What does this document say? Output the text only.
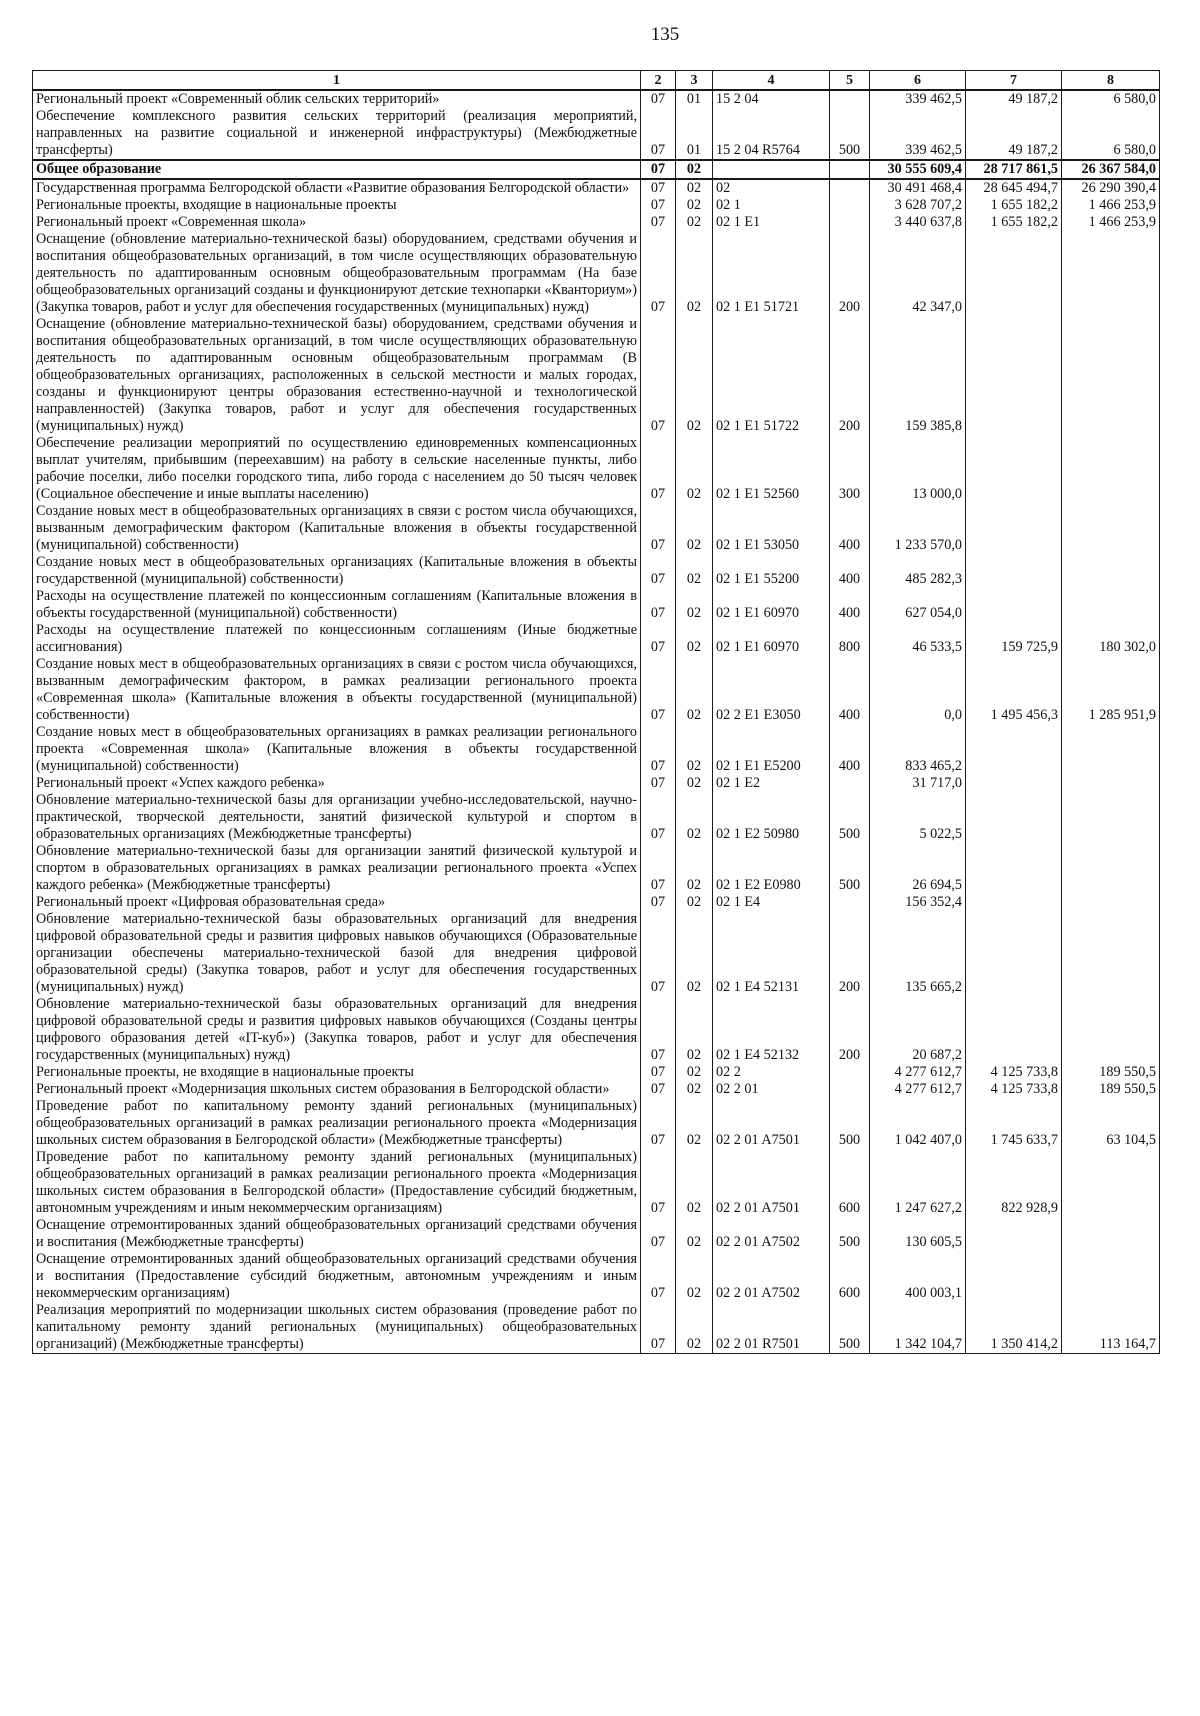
135
1	2	3	4	5	6	7	8
Региональный проект «Современный облик сельских территорий»	07	01	15 2 04		339 462,5	49 187,2	6 580,0
Обеспечение комплексного развития сельских территорий (реализация мероприятий, направленных на развитие социальной и инженерной инфраструктуры) (Межбюджетные трансферты)	07	01	15 2 04 R5764	500	339 462,5	49 187,2	6 580,0
Общее образование	07	02			30 555 609,4	28 717 861,5	26 367 584,0
Государственная программа Белгородской области «Развитие образования Белгородской области»	07	02	02		30 491 468,4	28 645 494,7	26 290 390,4
Региональные проекты, входящие в национальные проекты	07	02	02 1		3 628 707,2	1 655 182,2	1 466 253,9
Региональный проект «Современная школа»	07	02	02 1 E1		3 440 637,8	1 655 182,2	1 466 253,9
Оснащение (обновление материально-технической базы) оборудованием, средствами обучения и воспитания общеобразовательных организаций, в том числе осуществляющих образовательную деятельность по адаптированным основным общеобразовательным программам (На базе общеобразовательных организаций созданы и функционируют детские технопарки «Кванториум») (Закупка товаров, работ и услуг для обеспечения государственных (муниципальных) нужд)	07	02	02 1 E1 51721	200	42 347,0		
Оснащение (обновление материально-технической базы) оборудованием, средствами обучения и воспитания общеобразовательных организаций, в том числе осуществляющих образовательную деятельность по адаптированным основным общеобразовательным программам (В общеобразовательных организациях, расположенных в сельской местности и малых городах, созданы и функционируют центры образования естественно-научной и технологической направленностей) (Закупка товаров, работ и услуг для обеспечения государственных (муниципальных) нужд)	07	02	02 1 E1 51722	200	159 385,8		
Обеспечение реализации мероприятий по осуществлению единовременных компенсационных выплат учителям, прибывшим (переехавшим) на работу в сельские населенные пункты, либо рабочие поселки, либо поселки городского типа, либо города с населением до 50 тысяч человек (Социальное обеспечение и иные выплаты населению)	07	02	02 1 E1 52560	300	13 000,0		
Создание новых мест в общеобразовательных организациях в связи с ростом числа обучающихся, вызванным демографическим фактором (Капитальные вложения в объекты государственной (муниципальной) собственности)	07	02	02 1 E1 53050	400	1 233 570,0		
Создание новых мест в общеобразовательных организациях (Капитальные вложения в объекты государственной (муниципальной) собственности)	07	02	02 1 E1 55200	400	485 282,3		
Расходы на осуществление платежей по концессионным соглашениям (Капитальные вложения в объекты государственной (муниципальной) собственности)	07	02	02 1 E1 60970	400	627 054,0		
Расходы на осуществление платежей по концессионным соглашениям (Иные бюджетные ассигнования)	07	02	02 1 E1 60970	800	46 533,5	159 725,9	180 302,0
Создание новых мест в общеобразовательных организациях в связи с ростом числа обучающихся, вызванным демографическим фактором, в рамках реализации регионального проекта «Современная школа» (Капитальные вложения в объекты государственной (муниципальной) собственности)	07	02	02 2 E1 E3050	400	0,0	1 495 456,3	1 285 951,9
Создание новых мест в общеобразовательных организациях в рамках реализации регионального проекта «Современная школа» (Капитальные вложения в объекты государственной (муниципальной) собственности)	07	02	02 1 E1 E5200	400	833 465,2		
Региональный проект «Успех каждого ребенка»	07	02	02 1 E2		31 717,0		
Обновление материально-технической базы для организации учебно-исследовательской, научно-практической, творческой деятельности, занятий физической культурой и спортом в образовательных организациях (Межбюджетные трансферты)	07	02	02 1 E2 50980	500	5 022,5		
Обновление материально-технической базы для организации занятий физической культурой и спортом в образовательных организациях в рамках реализации регионального проекта «Успех каждого ребенка» (Межбюджетные трансферты)	07	02	02 1 E2 E0980	500	26 694,5		
Региональный проект «Цифровая образовательная среда»	07	02	02 1 E4		156 352,4		
Обновление материально-технической базы образовательных организаций для внедрения цифровой образовательной среды и развития цифровых навыков обучающихся (Образовательные организации обеспечены материально-технической базой для внедрения цифровой образовательной среды) (Закупка товаров, работ и услуг для обеспечения государственных (муниципальных) нужд)	07	02	02 1 E4 52131	200	135 665,2		
Обновление материально-технической базы образовательных организаций для внедрения цифровой образовательной среды и развития цифровых навыков обучающихся (Созданы центры цифрового образования детей «IT-куб») (Закупка товаров, работ и услуг для обеспечения государственных (муниципальных) нужд)	07	02	02 1 E4 52132	200	20 687,2		
Региональные проекты, не входящие в национальные проекты	07	02	02 2		4 277 612,7	4 125 733,8	189 550,5
Региональный проект «Модернизация школьных систем образования в Белгородской области»	07	02	02 2 01		4 277 612,7	4 125 733,8	189 550,5
Проведение работ по капитальному ремонту зданий региональных (муниципальных) общеобразовательных организаций в рамках реализации регионального проекта «Модернизация школьных систем образования в Белгородской области» (Межбюджетные трансферты)	07	02	02 2 01 A7501	500	1 042 407,0	1 745 633,7	63 104,5
Проведение работ по капитальному ремонту зданий региональных (муниципальных) общеобразовательных организаций в рамках реализации регионального проекта «Модернизация школьных систем образования в Белгородской области» (Предоставление субсидий бюджетным, автономным учреждениям и иным некоммерческим организациям)	07	02	02 2 01 A7501	600	1 247 627,2	822 928,9	
Оснащение отремонтированных зданий общеобразовательных организаций средствами обучения и воспитания (Межбюджетные трансферты)	07	02	02 2 01 A7502	500	130 605,5		
Оснащение отремонтированных зданий общеобразовательных организаций средствами обучения и воспитания (Предоставление субсидий бюджетным, автономным учреждениям и иным некоммерческим организациям)	07	02	02 2 01 A7502	600	400 003,1		
Реализация мероприятий по модернизации школьных систем образования (проведение работ по капитальному ремонту зданий региональных (муниципальных) общеобразовательных организаций) (Межбюджетные трансферты)	07	02	02 2 01 R7501	500	1 342 104,7	1 350 414,2	113 164,7
